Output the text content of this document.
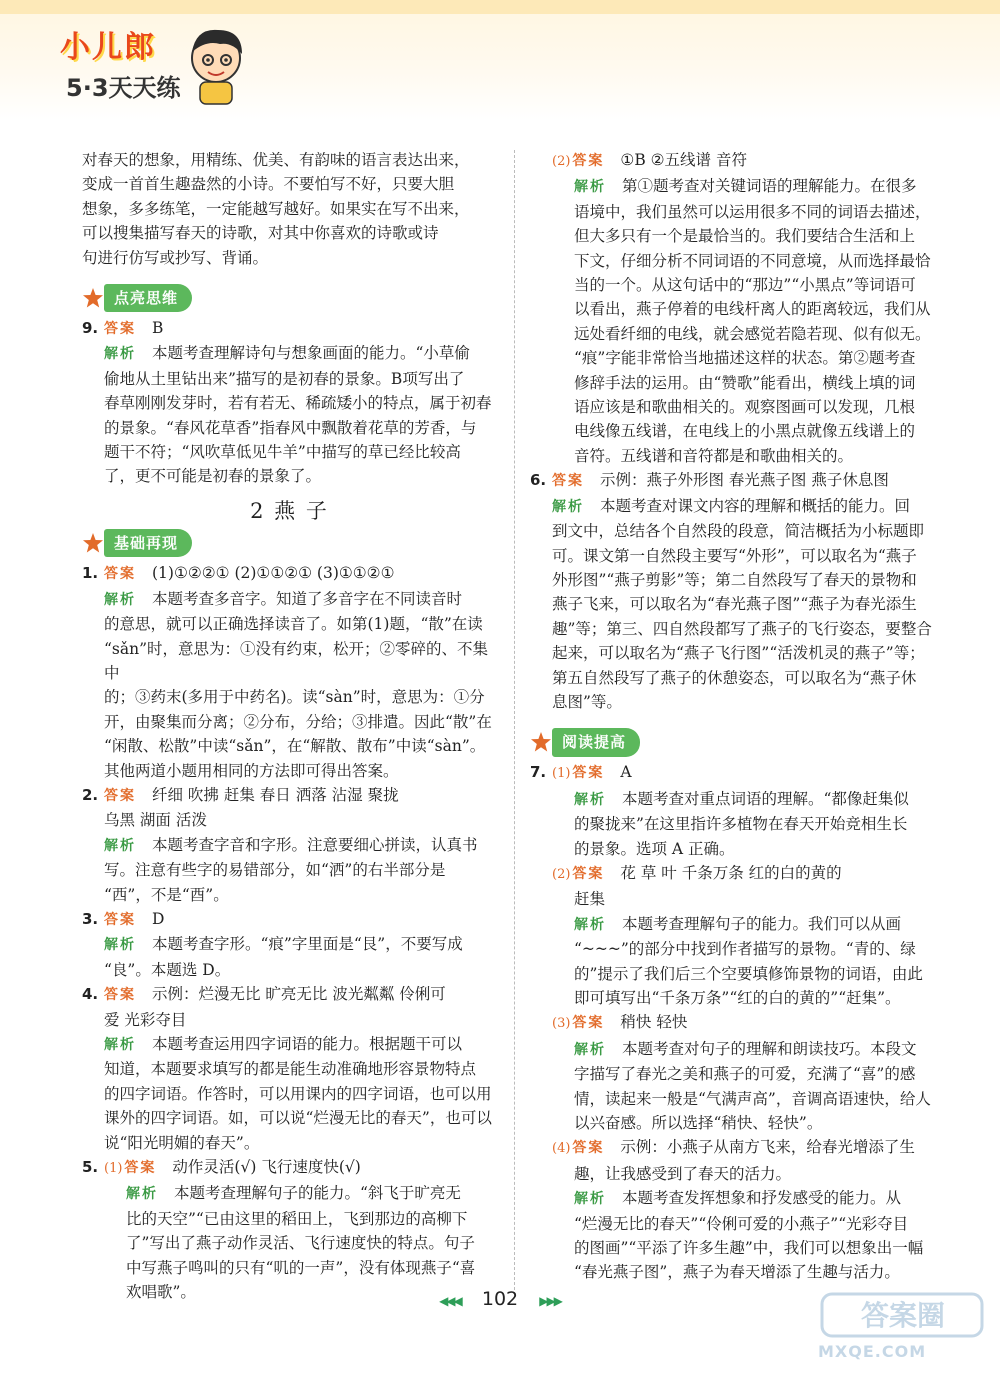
小儿郎
5·3天天练
对春天的想象，用精练、优美、有韵味的语言表达出来，
变成一首首生趣盎然的小诗。不要怕写不好，只要大胆
想象，多多练笔，一定能越写越好。如果实在写不出来，
可以搜集描写春天的诗歌，对其中你喜欢的诗歌或诗
句进行仿写或抄写、背诵。
点亮思维
9. 答案 B
解析 本题考查理解诗句与想象画面的能力。“小草偷
偷地从土里钻出来”描写的是初春的景象。B项写出了
春草刚刚发芽时，若有若无、稀疏矮小的特点，属于初春
的景象。“春风花草香”指春风中飘散着花草的芳香，与
题干不符；“风吹草低见牛羊”中描写的草已经比较高
了，更不可能是初春的景象了。
2 燕 子
基础再现
1. 答案 (1)①②②① (2)①①②① (3)①①②①
解析 本题考查多音字。知道了多音字在不同读音时
的意思，就可以正确选择读音了。如第(1)题，“散”在读
“sǎn”时，意思为：①没有约束，松开；②零碎的、不集中
的；③药末(多用于中药名)。读“sàn”时，意思为：①分
开，由聚集而分离；②分布，分给；③排遣。因此“散”在
“闲散、松散”中读“sǎn”，在“解散、散布”中读“sàn”。
其他两道小题用相同的方法即可得出答案。
2. 答案 纤细 吹拂 赶集 春日 洒落 沾湿 聚拢
乌黑 湖面 活泼
解析 本题考查字音和字形。注意要细心拼读，认真书
写。注意有些字的易错部分，如“洒”的右半部分是
“西”，不是“酉”。
3. 答案 D
解析 本题考查字形。“痕”字里面是“艮”，不要写成
“良”。本题选 D。
4. 答案 示例：烂漫无比 旷亮无比 波光粼粼 伶俐可
爱 光彩夺目
解析 本题考查运用四字词语的能力。根据题干可以
知道，本题要求填写的都是能生动准确地形容景物特点
的四字词语。作答时，可以用课内的四字词语，也可以用
课外的四字词语。如，可以说“烂漫无比的春天”，也可以
说“阳光明媚的春天”。
5. (1) 答案 动作灵活(√) 飞行速度快(√)
解析 本题考查理解句子的能力。“斜飞于旷亮无
比的天空”“已由这里的稻田上，飞到那边的高柳下
了”写出了燕子动作灵活、飞行速度快的特点。句子
中写燕子鸣叫的只有“叽的一声”，没有体现燕子“喜
欢唱歌”。
(2) 答案 ①B ②五线谱 音符
解析 第①题考查对关键词语的理解能力。在很多
语境中，我们虽然可以运用很多不同的词语去描述，
但大多只有一个是最恰当的。我们要结合生活和上
下文，仔细分析不同词语的不同意境，从而选择最恰
当的一个。从这句话中的“那边”“小黑点”等词语可
以看出，燕子停着的电线杆离人的距离较远，我们从
远处看纤细的电线，就会感觉若隐若现、似有似无。
“痕”字能非常恰当地描述这样的状态。第②题考查
修辞手法的运用。由“赞歌”能看出，横线上填的词
语应该是和歌曲相关的。观察图画可以发现，几根
电线像五线谱，在电线上的小黑点就像五线谱上的
音符。五线谱和音符都是和歌曲相关的。
6. 答案 示例：燕子外形图 春光燕子图 燕子休息图
解析 本题考查对课文内容的理解和概括的能力。回
到文中，总结各个自然段的段意，简洁概括为小标题即
可。课文第一自然段主要写“外形”，可以取名为“燕子
外形图”“燕子剪影”等；第二自然段写了春天的景物和
燕子飞来，可以取名为“春光燕子图”“燕子为春光添生
趣”等；第三、四自然段都写了燕子的飞行姿态，要整合
起来，可以取名为“燕子飞行图”“活泼机灵的燕子”等；
第五自然段写了燕子的休憩姿态，可以取名为“燕子休
息图”等。
阅读提高
7. (1) 答案 A
解析 本题考查对重点词语的理解。“都像赶集似
的聚拢来”在这里指许多植物在春天开始竞相生长
的景象。选项 A 正确。
(2) 答案 花 草 叶 千条万条 红的白的黄的
赶集
解析 本题考查理解句子的能力。我们可以从画
“~~~”的部分中找到作者描写的景物。“青的、绿
的”提示了我们后三个空要填修饰景物的词语，由此
即可填写出“千条万条”“红的白的黄的”“赶集”。
(3) 答案 稍快 轻快
解析 本题考查对句子的理解和朗读技巧。本段文
字描写了春光之美和燕子的可爱，充满了“喜”的感
情，读起来一般是“气满声高”，音调高语速快，给人
以兴奋感。所以选择“稍快、轻快”。
(4) 答案 示例：小燕子从南方飞来，给春光增添了生
趣，让我感受到了春天的活力。
解析 本题考查发挥想象和抒发感受的能力。从
“烂漫无比的春天”“伶俐可爱的小燕子”“光彩夺目
的图画”“平添了许多生趣”中，我们可以想象出一幅
“春光燕子图”，燕子为春天增添了生趣与活力。
◀◀◀ 102 ▶▶▶	答案圈
MXQE.COM
